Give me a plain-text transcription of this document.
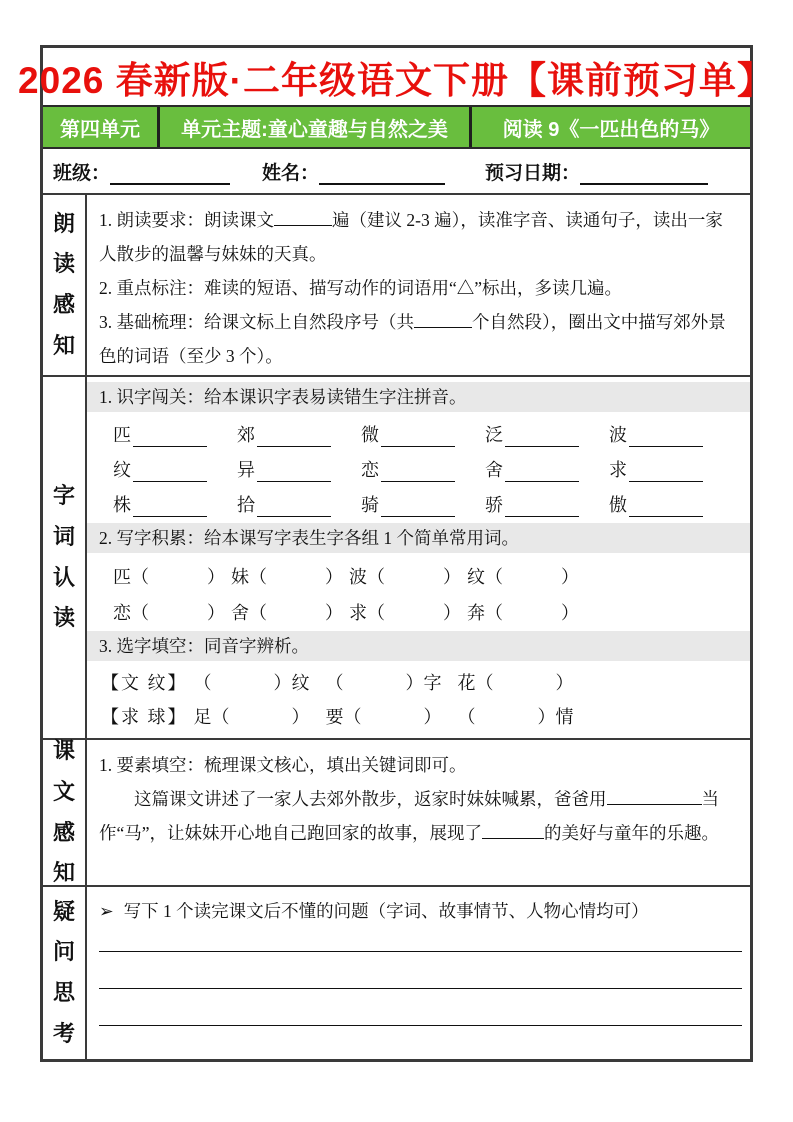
2026 春新版·二年级语文下册【课前预习单】
第四单元	单元主题:童心童趣与自然之美	阅读 9《一匹出色的马》
班级：	姓名：	预习日期：
朗读感知
1. 朗读要求：朗读课文	遍（建议 2-3 遍），读准字音、读通句子，读出一家人散步的温馨与妹妹的天真。
2. 重点标注：难读的短语、描写动作的词语用“△”标出，多读几遍。
3. 基础梳理：给课文标上自然段序号（共	个自然段），圈出文中描写郊外景色的词语（至少 3 个）。
字词认读
1. 识字闯关：给本课识字表易读错生字注拼音。
匹	郊	微	泛	波
纹	异	恋	舍	求
株	拾	骑	骄	傲
2. 写字积累：给本课写字表生字各组 1 个简单常用词。
匹（	） 妹（	） 波（	） 纹（	）
恋（	） 舍（	） 求（	） 奔（	）
3. 选字填空：同音字辨析。
【文 纹】 （	）纹 （	）字 花（	）
【求 球】 足（	） 要（	） （	）情
课文感知
1. 要素填空：梳理课文核心，填出关键词即可。
这篇课文讲述了一家人去郊外散步，返家时妹妹喊累，爸爸用	当作“马”，让妹妹开心地自己跑回家的故事，展现了	的美好与童年的乐趣。
疑问思考
➢ 写下 1 个读完课文后不懂的问题（字词、故事情节、人物心情均可）
